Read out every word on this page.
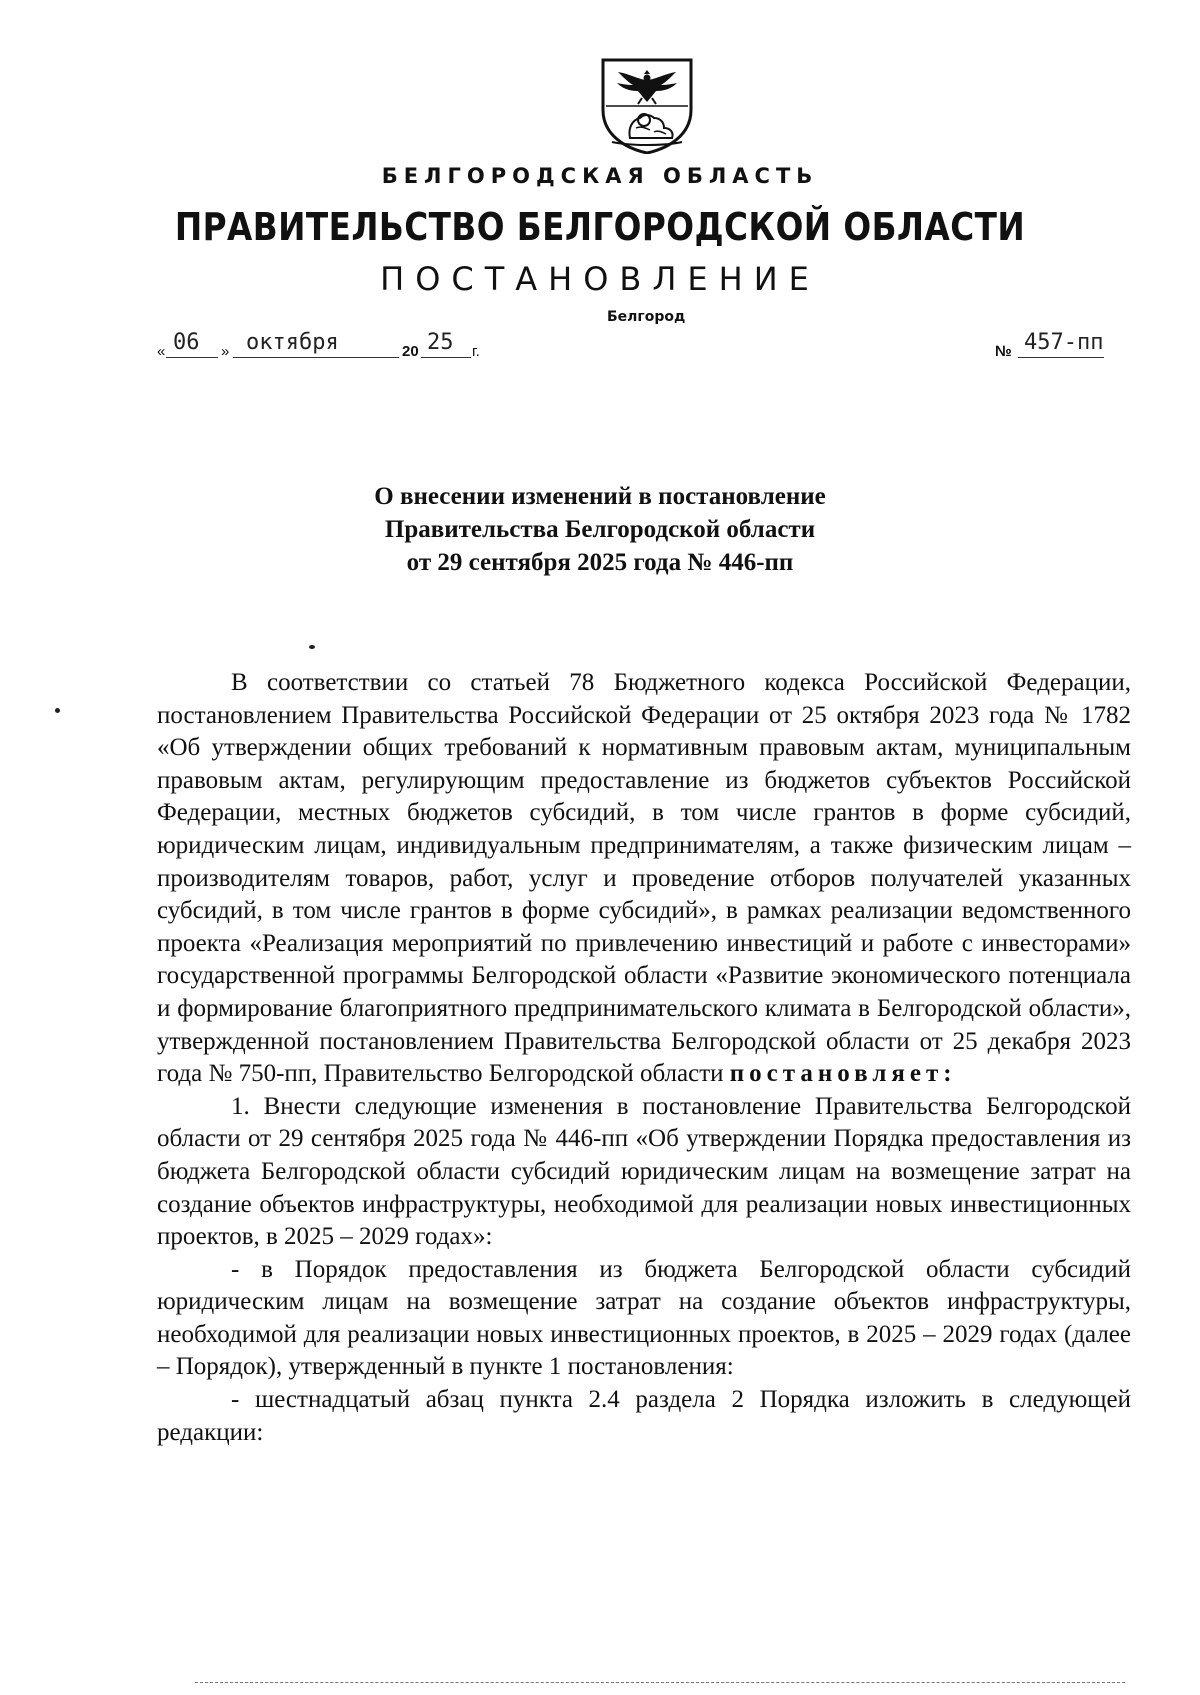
БЕЛГОРОДСКАЯ ОБЛАСТЬ
ПРАВИТЕЛЬСТВО БЕЛГОРОДСКОЙ ОБЛАСТИ
ПОСТАНОВЛЕНИЕ
Белгород
« 06 » октября	20 25 г.	№ 457-пп
О внесении изменений в постановление
Правительства Белгородской области
от 29 сентября 2025 года № 446-пп

В соответствии со статьей 78 Бюджетного кодекса Российской Федерации, постановлением Правительства Российской Федерации от 25 октября 2023 года № 1782 «Об утверждении общих требований к нормативным правовым актам, муниципальным правовым актам, регулирующим предоставление из бюджетов субъектов Российской Федерации, местных бюджетов субсидий, в том числе грантов в форме субсидий, юридическим лицам, индивидуальным предпринимателям, а также физическим лицам – производителям товаров, работ, услуг и проведение отборов получателей указанных субсидий, в том числе грантов в форме субсидий», в рамках реализации ведомственного проекта «Реализация мероприятий по привлечению инвестиций и работе с инвесторами» государственной программы Белгородской области «Развитие экономического потенциала и формирование благоприятного предпринимательского климата в Белгородской области», утвержденной постановлением Правительства Белгородской области от 25 декабря 2023 года № 750-пп, Правительство Белгородской области постановляет:

1. Внести следующие изменения в постановление Правительства Белгородской области от 29 сентября 2025 года № 446-пп «Об утверждении Порядка предоставления из бюджета Белгородской области субсидий юридическим лицам на возмещение затрат на создание объектов инфраструктуры, необходимой для реализации новых инвестиционных проектов, в 2025 – 2029 годах»:

- в Порядок предоставления из бюджета Белгородской области субсидий юридическим лицам на возмещение затрат на создание объектов инфраструктуры, необходимой для реализации новых инвестиционных проектов, в 2025 – 2029 годах (далее – Порядок), утвержденный в пункте 1 постановления:

- шестнадцатый абзац пункта 2.4 раздела 2 Порядка изложить в следующей редакции:
